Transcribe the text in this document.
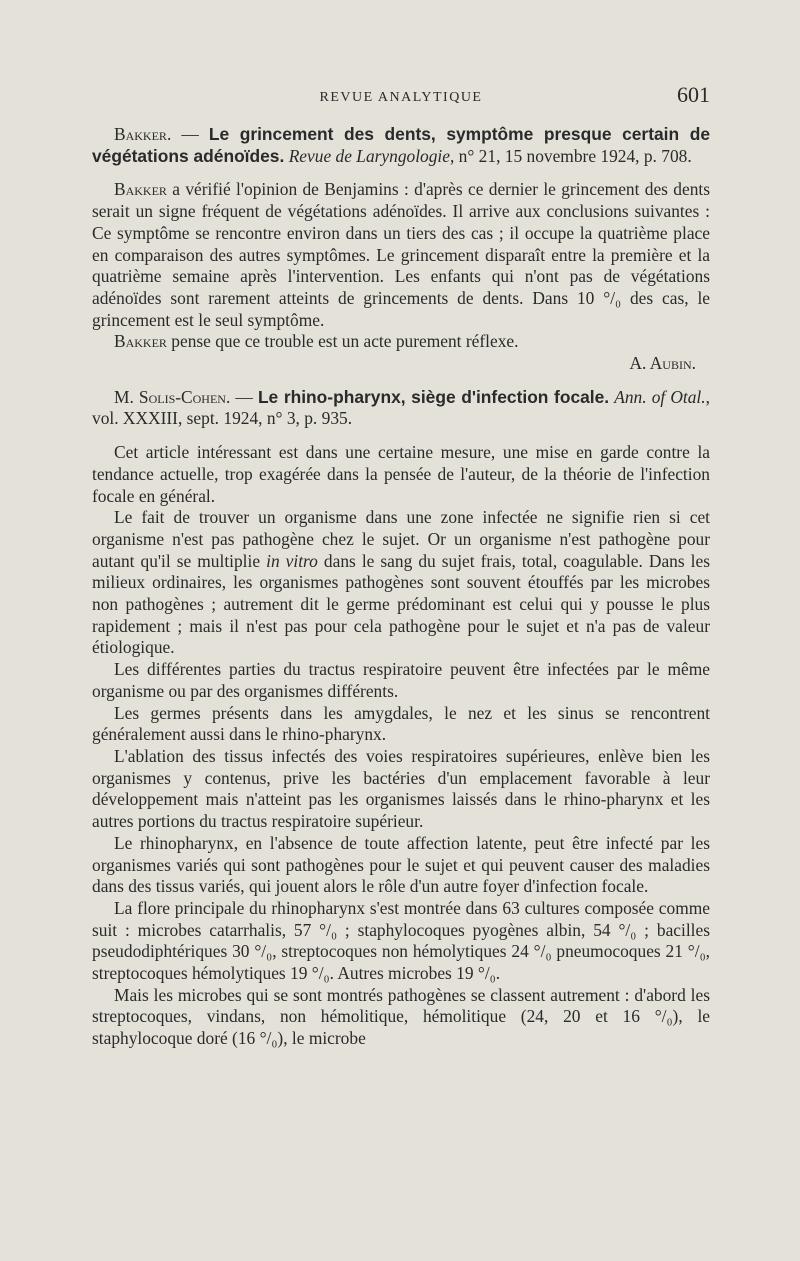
REVUE ANALYTIQUE	601

Bakker. — Le grincement des dents, symptôme presque certain de végétations adénoïdes. Revue de Laryngologie, n° 21, 15 novembre 1924, p. 708.

Bakker a vérifié l'opinion de Benjamins : d'après ce dernier le grincement des dents serait un signe fréquent de végétations adénoïdes. Il arrive aux conclusions suivantes : Ce symptôme se rencontre environ dans un tiers des cas ; il occupe la quatrième place en comparaison des autres symptômes. Le grincement disparaît entre la première et la quatrième semaine après l'intervention. Les enfants qui n'ont pas de végétations adénoïdes sont rarement atteints de grincements de dents. Dans 10 °/₀ des cas, le grincement est le seul symptôme.

Bakker pense que ce trouble est un acte purement réflexe.

A. Aubin.

M. Solis-Cohen. — Le rhino-pharynx, siège d'infection focale. Ann. of Otal., vol. XXXIII, sept. 1924, n° 3, p. 935.

Cet article intéressant est dans une certaine mesure, une mise en garde contre la tendance actuelle, trop exagérée dans la pensée de l'auteur, de la théorie de l'infection focale en général.

Le fait de trouver un organisme dans une zone infectée ne signifie rien si cet organisme n'est pas pathogène chez le sujet. Or un organisme n'est pathogène pour autant qu'il se multiplie in vitro dans le sang du sujet frais, total, coagulable. Dans les milieux ordinaires, les organismes pathogènes sont souvent étouffés par les microbes non pathogènes ; autrement dit le germe prédominant est celui qui y pousse le plus rapidement ; mais il n'est pas pour cela pathogène pour le sujet et n'a pas de valeur étiologique.

Les différentes parties du tractus respiratoire peuvent être infectées par le même organisme ou par des organismes différents.

Les germes présents dans les amygdales, le nez et les sinus se rencontrent généralement aussi dans le rhino-pharynx.

L'ablation des tissus infectés des voies respiratoires supérieures, enlève bien les organismes y contenus, prive les bactéries d'un emplacement favorable à leur développement mais n'atteint pas les organismes laissés dans le rhino-pharynx et les autres portions du tractus respiratoire supérieur.

Le rhinopharynx, en l'absence de toute affection latente, peut être infecté par les organismes variés qui sont pathogènes pour le sujet et qui peuvent causer des maladies dans des tissus variés, qui jouent alors le rôle d'un autre foyer d'infection focale.

La flore principale du rhinopharynx s'est montrée dans 63 cultures composée comme suit : microbes catarrhalis, 57 °/₀ ; staphylocoques pyogènes albin, 54 °/₀ ; bacilles pseudodiphtériques 30 °/₀, streptocoques non hémolytiques 24 °/₀ pneumocoques 21 °/₀, streptocoques hémolytiques 19 °/₀. Autres microbes 19 °/₀.

Mais les microbes qui se sont montrés pathogènes se classent autrement : d'abord les streptocoques, vindans, non hémolitique, hémolitique (24, 20 et 16 °/₀), le staphylocoque doré (16 °/₀), le microbe
